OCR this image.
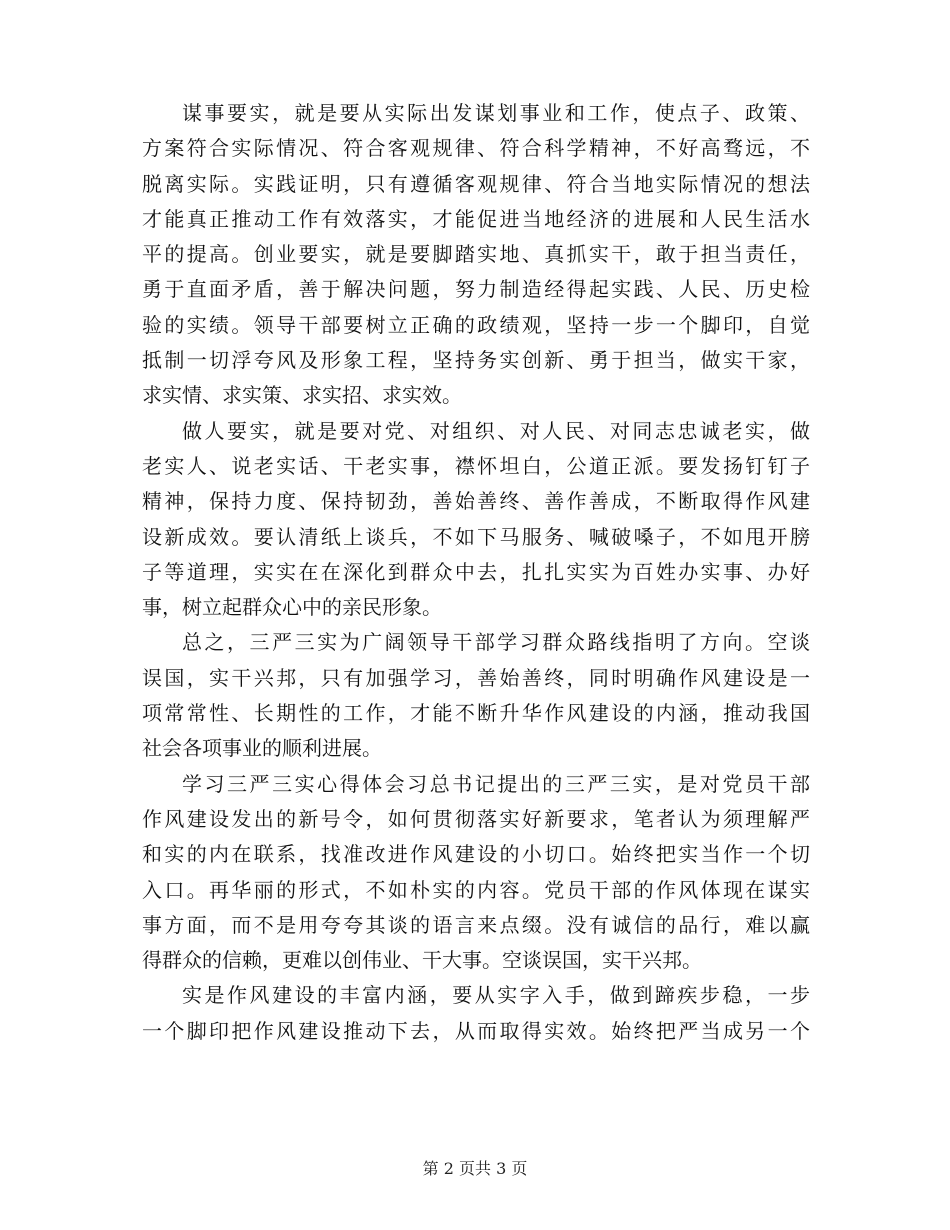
谋事要实，就是要从实际出发谋划事业和工作，使点子、政策、
方案符合实际情况、符合客观规律、符合科学精神，不好高骛远，不
脱离实际。实践证明，只有遵循客观规律、符合当地实际情况的想法
才能真正推动工作有效落实，才能促进当地经济的进展和人民生活水
平的提高。创业要实，就是要脚踏实地、真抓实干，敢于担当责任，
勇于直面矛盾，善于解决问题，努力制造经得起实践、人民、历史检
验的实绩。领导干部要树立正确的政绩观，坚持一步一个脚印，自觉
抵制一切浮夸风及形象工程，坚持务实创新、勇于担当，做实干家，
求实情、求实策、求实招、求实效。
做人要实，就是要对党、对组织、对人民、对同志忠诚老实，做
老实人、说老实话、干老实事，襟怀坦白，公道正派。要发扬钉钉子
精神，保持力度、保持韧劲，善始善终、善作善成，不断取得作风建
设新成效。要认清纸上谈兵，不如下马服务、喊破嗓子，不如甩开膀
子等道理，实实在在深化到群众中去，扎扎实实为百姓办实事、办好
事，树立起群众心中的亲民形象。
总之，三严三实为广阔领导干部学习群众路线指明了方向。空谈
误国，实干兴邦，只有加强学习，善始善终，同时明确作风建设是一
项常常性、长期性的工作，才能不断升华作风建设的内涵，推动我国
社会各项事业的顺利进展。
学习三严三实心得体会习总书记提出的三严三实，是对党员干部
作风建设发出的新号令，如何贯彻落实好新要求，笔者认为须理解严
和实的内在联系，找准改进作风建设的小切口。始终把实当作一个切
入口。再华丽的形式，不如朴实的内容。党员干部的作风体现在谋实
事方面，而不是用夸夸其谈的语言来点缀。没有诚信的品行，难以赢
得群众的信赖，更难以创伟业、干大事。空谈误国，实干兴邦。
实是作风建设的丰富内涵，要从实字入手，做到蹄疾步稳，一步
一个脚印把作风建设推动下去，从而取得实效。始终把严当成另一个
第 2 页共 3 页
